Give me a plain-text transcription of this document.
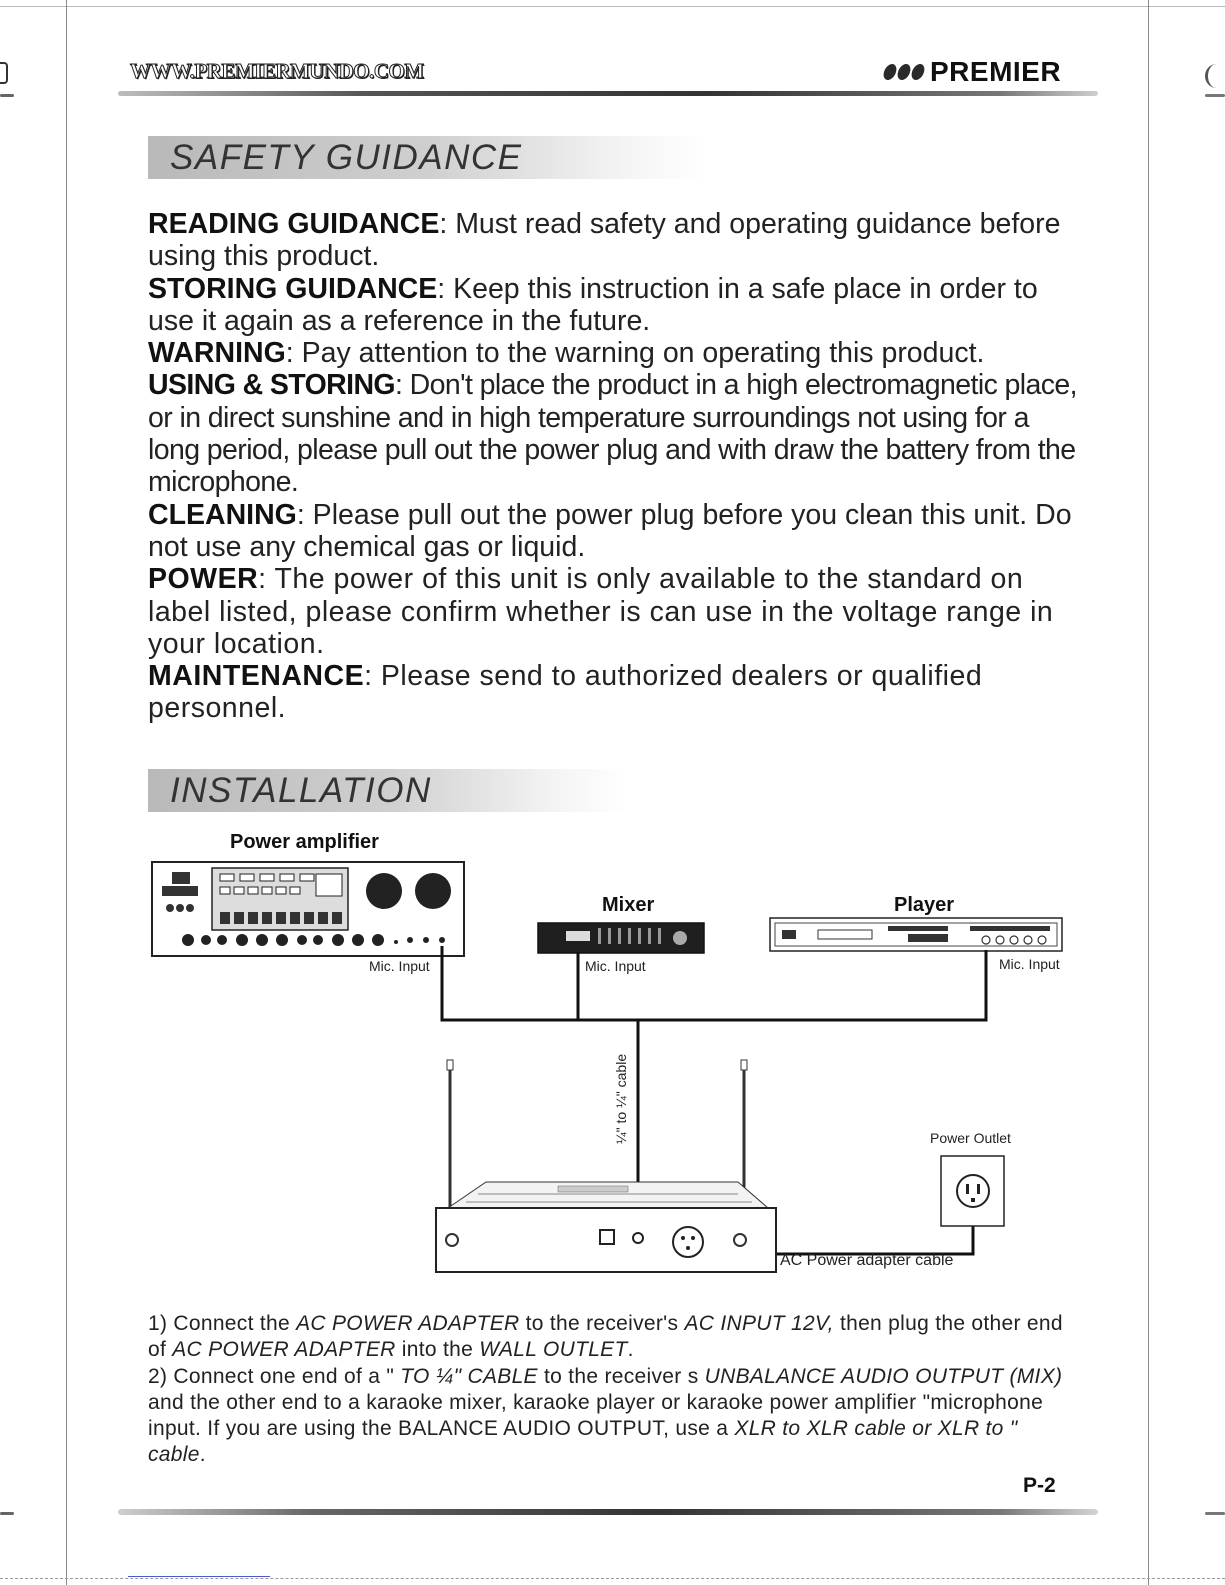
WWW.PREMIERMUNDO.COM	PREMIER
SAFETY GUIDANCE

READING GUIDANCE: Must read safety and operating guidance before using this product.

STORING GUIDANCE: Keep this instruction in a safe place in order to use it again as a reference in the future.

WARNING: Pay attention to the warning on operating this product.

USING & STORING: Don't place the product in a high electromagnetic place, or in direct sunshine and in high temperature surroundings not using for a long period, please pull out the power plug and with draw the battery from the microphone.

CLEANING: Please pull out the power plug before you clean this unit. Do not use any chemical gas or liquid.

POWER: The power of this unit is only available to the standard on label listed, please confirm whether is can use in the voltage range in your location.

MAINTENANCE: Please send to authorized dealers or qualified personnel.

INSTALLATION
Power amplifier
Mixer	Player
Mic. Input	Mic. Input	Mic. Input
¼" to ¼" cable	Power Outlet
AC Power adapter cable

1) Connect the AC POWER ADAPTER to the receiver's AC INPUT 12V, then plug the other end of AC POWER ADAPTER into the WALL OUTLET.

2) Connect one end of a " TO ¼" CABLE to the receiver s UNBALANCE AUDIO OUTPUT (MIX) and the other end to a karaoke mixer, karaoke player or karaoke power amplifier "microphone input. If you are using the BALANCE AUDIO OUTPUT, use a XLR to XLR cable or XLR to " cable.

P-2
